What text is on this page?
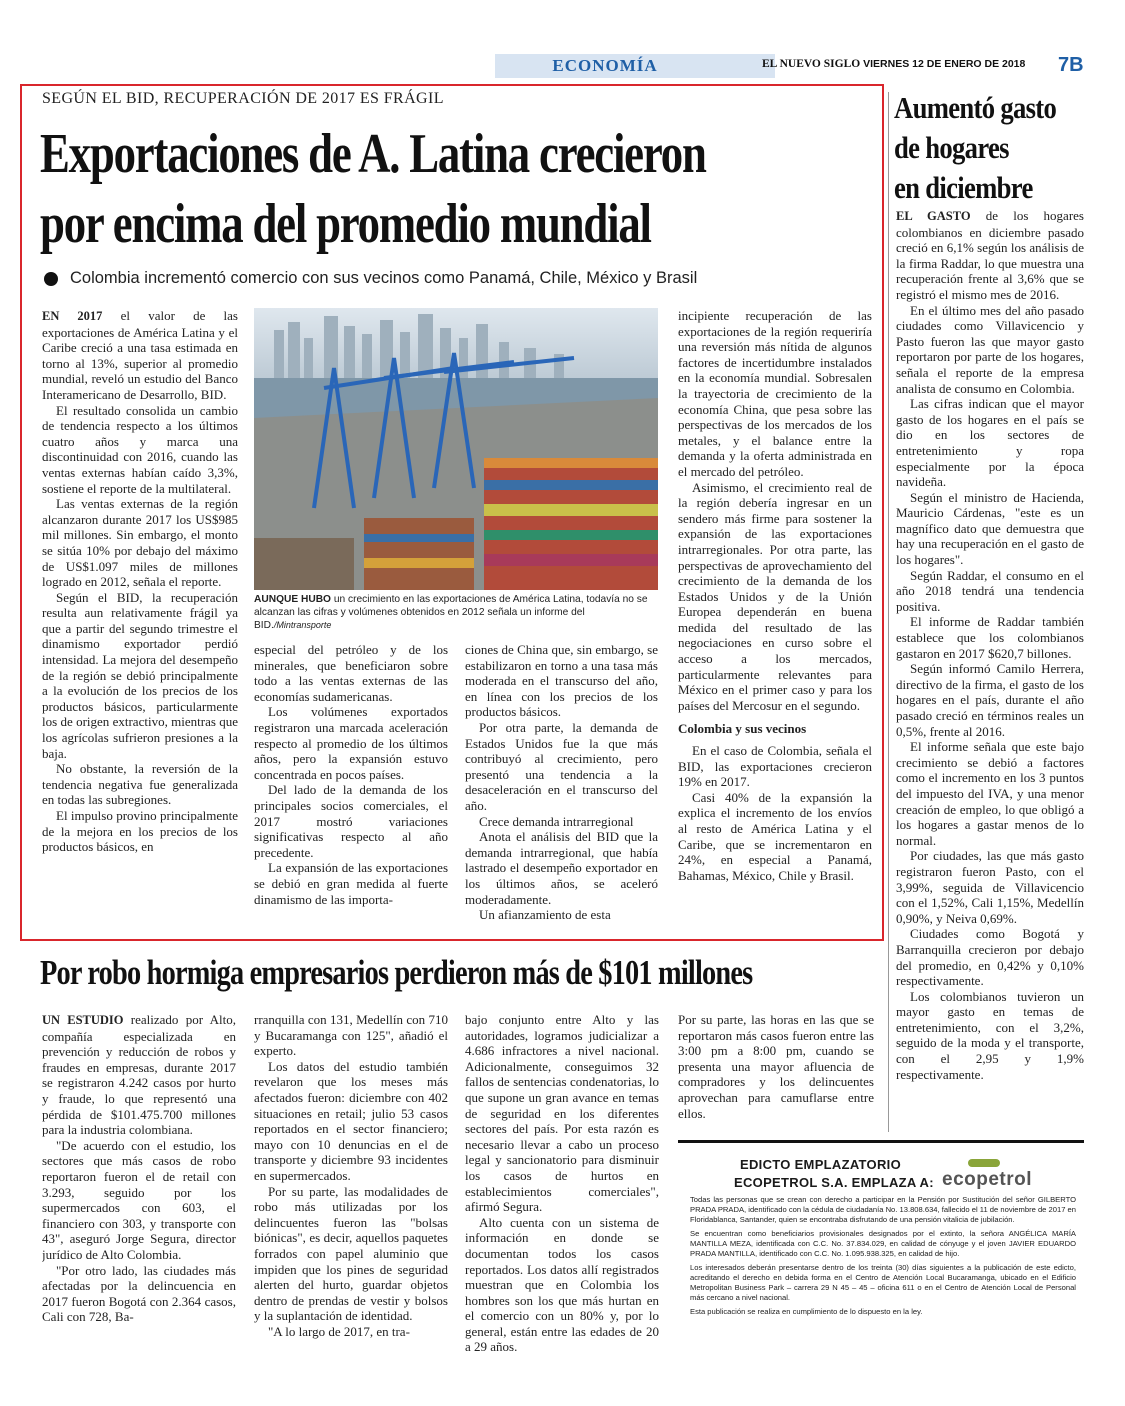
ECONOMÍA	EL NUEVO SIGLO VIERNES 12 DE ENERO DE 2018 7B
SEGÚN EL BID, RECUPERACIÓN DE 2017 ES FRÁGIL
Exportaciones de A. Latina crecieron
por encima del promedio mundial
Colombia incrementó comercio con sus vecinos como Panamá, Chile, México y Brasil

EN 2017 el valor de las exportaciones de América Latina y el Caribe creció a una tasa estimada en torno al 13%, superior al promedio mundial, reveló un estudio del Banco Interamericano de Desarrollo, BID.

El resultado consolida un cambio de tendencia respecto a los últimos cuatro años y marca una discontinuidad con 2016, cuando las ventas externas habían caído 3,3%, sostiene el reporte de la multilateral.

Las ventas externas de la región alcanzaron durante 2017 los US$985 mil millones. Sin embargo, el monto se sitúa 10% por debajo del máximo de US$1.097 miles de millones logrado en 2012, señala el reporte.

Según el BID, la recuperación resulta aun relativamente frágil ya que a partir del segundo trimestre el dinamismo exportador perdió intensidad. La mejora del desempeño de la región se debió principalmente a la evolución de los precios de los productos básicos, particularmente los de origen extractivo, mientras que los agrícolas sufrieron presiones a la baja.

No obstante, la reversión de la tendencia negativa fue generalizada en todas las subregiones.

El impulso provino principalmente de la mejora en los precios de los productos básicos, en

AUNQUE HUBO un crecimiento en las exportaciones de América Latina, todavía no se alcanzan las cifras y volúmenes obtenidos en 2012 señala un informe del BID./Mintransporte

especial del petróleo y de los minerales, que beneficiaron sobre todo a las ventas externas de las economías sudamericanas.

Los volúmenes exportados registraron una marcada aceleración respecto al promedio de los últimos años, pero la expansión estuvo concentrada en pocos países.

Del lado de la demanda de los principales socios comerciales, el 2017 mostró variaciones significativas respecto al año precedente.

La expansión de las exportaciones se debió en gran medida al fuerte dinamismo de las importa-

ciones de China que, sin embargo, se estabilizaron en torno a una tasa más moderada en el transcurso del año, en línea con los precios de los productos básicos.

Por otra parte, la demanda de Estados Unidos fue la que más contribuyó al crecimiento, pero presentó una tendencia a la desaceleración en el transcurso del año.

Crece demanda intrarregional

Anota el análisis del BID que la demanda intrarregional, que había lastrado el desempeño exportador en los últimos años, se aceleró moderadamente.

Un afianzamiento de esta

incipiente recuperación de las exportaciones de la región requeriría una reversión más nítida de algunos factores de incertidumbre instalados en la economía mundial. Sobresalen la trayectoria de crecimiento de la economía China, que pesa sobre las perspectivas de los mercados de los metales, y el balance entre la demanda y la oferta administrada en el mercado del petróleo.

Asimismo, el crecimiento real de la región debería ingresar en un sendero más firme para sostener la expansión de las exportaciones intrarregionales. Por otra parte, las perspectivas de aprovechamiento del crecimiento de la demanda de los Estados Unidos y de la Unión Europea dependerán en buena medida del resultado de las negociaciones en curso sobre el acceso a los mercados, particularmente relevantes para México en el primer caso y para los países del Mercosur en el segundo.

Colombia y sus vecinos

En el caso de Colombia, señala el BID, las exportaciones crecieron 19% en 2017.

Casi 40% de la expansión la explica el incremento de los envíos al resto de América Latina y el Caribe, que se incrementaron en 24%, en especial a Panamá, Bahamas, México, Chile y Brasil.

Aumentó gasto
de hogares
en diciembre

EL GASTO de los hogares colombianos en diciembre pasado creció en 6,1% según los análisis de la firma Raddar, lo que muestra una recuperación frente al 3,6% que se registró el mismo mes de 2016.

En el último mes del año pasado ciudades como Villavicencio y Pasto fueron las que mayor gasto reportaron por parte de los hogares, señala el reporte de la empresa analista de consumo en Colombia.

Las cifras indican que el mayor gasto de los hogares en el país se dio en los sectores de entretenimiento y ropa especialmente por la época navideña.

Según el ministro de Hacienda, Mauricio Cárdenas, "este es un magnífico dato que demuestra que hay una recuperación en el gasto de los hogares".

Según Raddar, el consumo en el año 2018 tendrá una tendencia positiva.

El informe de Raddar también establece que los colombianos gastaron en 2017 $620,7 billones.

Según informó Camilo Herrera, directivo de la firma, el gasto de los hogares en el país, durante el año pasado creció en términos reales un 0,5%, frente al 2016.

El informe señala que este bajo crecimiento se debió a factores como el incremento en los 3 puntos del impuesto del IVA, y una menor creación de empleo, lo que obligó a los hogares a gastar menos de lo normal.

Por ciudades, las que más gasto registraron fueron Pasto, con el 3,99%, seguida de Villavicencio con el 1,52%, Cali 1,15%, Medellín 0,90%, y Neiva 0,69%.

Ciudades como Bogotá y Barranquilla crecieron por debajo del promedio, en 0,42% y 0,10% respectivamente.

Los colombianos tuvieron un mayor gasto en temas de entretenimiento, con el 3,2%, seguido de la moda y el transporte, con el 2,95 y 1,9% respectivamente.

Por robo hormiga empresarios perdieron más de $101 millones

UN ESTUDIO realizado por Alto, compañía especializada en prevención y reducción de robos y fraudes en empresas, durante 2017 se registraron 4.242 casos por hurto y fraude, lo que representó una pérdida de $101.475.700 millones para la industria colombiana.

"De acuerdo con el estudio, los sectores que más casos de robo reportaron fueron el de retail con 3.293, seguido por los supermercados con 603, el financiero con 303, y transporte con 43", aseguró Jorge Segura, director jurídico de Alto Colombia.

"Por otro lado, las ciudades más afectadas por la delincuencia en 2017 fueron Bogotá con 2.364 casos, Cali con 728, Ba-

rranquilla con 131, Medellín con 710 y Bucaramanga con 125", añadió el experto.

Los datos del estudio también revelaron que los meses más afectados fueron: diciembre con 402 situaciones en retail; julio 53 casos reportados en el sector financiero; mayo con 10 denuncias en el de transporte y diciembre 93 incidentes en supermercados.

Por su parte, las modalidades de robo más utilizadas por los delincuentes fueron las "bolsas biónicas", es decir, aquellos paquetes forrados con papel aluminio que impiden que los pines de seguridad alerten del hurto, guardar objetos dentro de prendas de vestir y bolsos y la suplantación de identidad.

"A lo largo de 2017, en tra-

bajo conjunto entre Alto y las autoridades, logramos judicializar a 4.686 infractores a nivel nacional. Adicionalmente, conseguimos 32 fallos de sentencias condenatorias, lo que supone un gran avance en temas de seguridad en los diferentes sectores del país. Por esta razón es necesario llevar a cabo un proceso legal y sancionatorio para disminuir los casos de hurtos en establecimientos comerciales", afirmó Segura.

Alto cuenta con un sistema de información en donde se documentan todos los casos reportados. Los datos allí registrados muestran que en Colombia los hombres son los que más hurtan en el comercio con un 80% y, por lo general, están entre las edades de 20 a 29 años.

Por su parte, las horas en las que se reportaron más casos fueron entre las 3:00 pm a 8:00 pm, cuando se presenta una mayor afluencia de compradores y los delincuentes aprovechan para camuflarse entre ellos.

EDICTO EMPLAZATORIO
ECOPETROL S.A. EMPLAZA A: ecopetrol

Todas las personas que se crean con derecho a participar en la Pensión por Sustitución del señor GILBERTO PRADA PRADA, identificado con la cédula de ciudadanía No. 13.808.634, fallecido el 11 de noviembre de 2017 en Floridablanca, Santander, quien se encontraba disfrutando de una pensión vitalicia de jubilación.

Se encuentran como beneficiarios provisionales designados por el extinto, la señora ANGÉLICA MARÍA MANTILLA MEZA, identificada con C.C. No. 37.834.029, en calidad de cónyuge y el joven JAVIER EDUARDO PRADA MANTILLA, identificado con C.C. No. 1.095.938.325, en calidad de hijo.

Los interesados deberán presentarse dentro de los treinta (30) días siguientes a la publicación de este edicto, acreditando el derecho en debida forma en el Centro de Atención Local Bucaramanga, ubicado en el Edificio Metropolitan Business Park – carrera 29 N 45 – 45 – oficina 611 o en el Centro de Atención Local de Personal más cercano a nivel nacional.

Esta publicación se realiza en cumplimiento de lo dispuesto en la ley.
